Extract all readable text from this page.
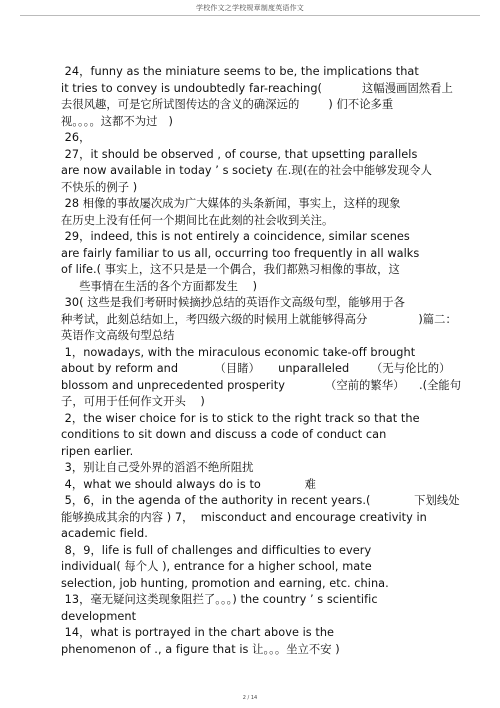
学校作文之学校规章制度英语作文
24，funny as the miniature seems to be, the implications that
it tries to convey is undoubtedly far-reaching(           这幅漫画固然看上
去很风趣，可是它所试图传达的含义的确深远的        ) 们不论多重
视。。。。这都不为过   )
26，
27，it should be observed , of course, that upsetting parallels
are now available in today ’ s society 在.现(在的社会中能够发现令人
不快乐的例子 )
28 相像的事故屡次成为广大媒体的头条新闻，事实上，这样的现象
在历史上没有任何一个期间比在此刻的社会收到关注。
29，indeed, this is not entirely a coincidence, similar scenes
are fairly familiar to us all, occurring too frequently in all walks
of life.( 事实上，这不只是是一个偶合，我们都熟习相像的事故，这
些事情在生活的各个方面都发生    )
30( 这些是我们考研时候摘抄总结的英语作文高级句型，能够用于各
种考试，此刻总结如上，考四级六级的时候用上就能够得高分              )篇二：
英语作文高级句型总结
1，nowadays, with the miraculous economic take-off brought
about by reform and          （目睹）     unparalleled      （无与伦比的）
blossom and unprecedented prosperity           （空前的繁华）    .(全能句
子，可用于任何作文开头    )
2，the wiser choice for is to stick to the right track so that the
conditions to sit down and discuss a code of conduct can
ripen earlier.
3，别让自己受外界的滔滔不绝所阻扰
4，what we should always do is to            难
5，6，in the agenda of the authority in recent years.(            下划线处
能够换成其余的内容 ) 7，  misconduct and encourage creativity in
academic field.
8，9，life is full of challenges and difficulties to every
individual( 每个人 ), entrance for a higher school, mate
selection, job hunting, promotion and earning, etc. china.
13，毫无疑问这类现象阻拦了。。。) the country ’ s scientific
development
14，what is portrayed in the chart above is the
phenomenon of ., a figure that is 让。。。坐立不安 )
2 / 14
